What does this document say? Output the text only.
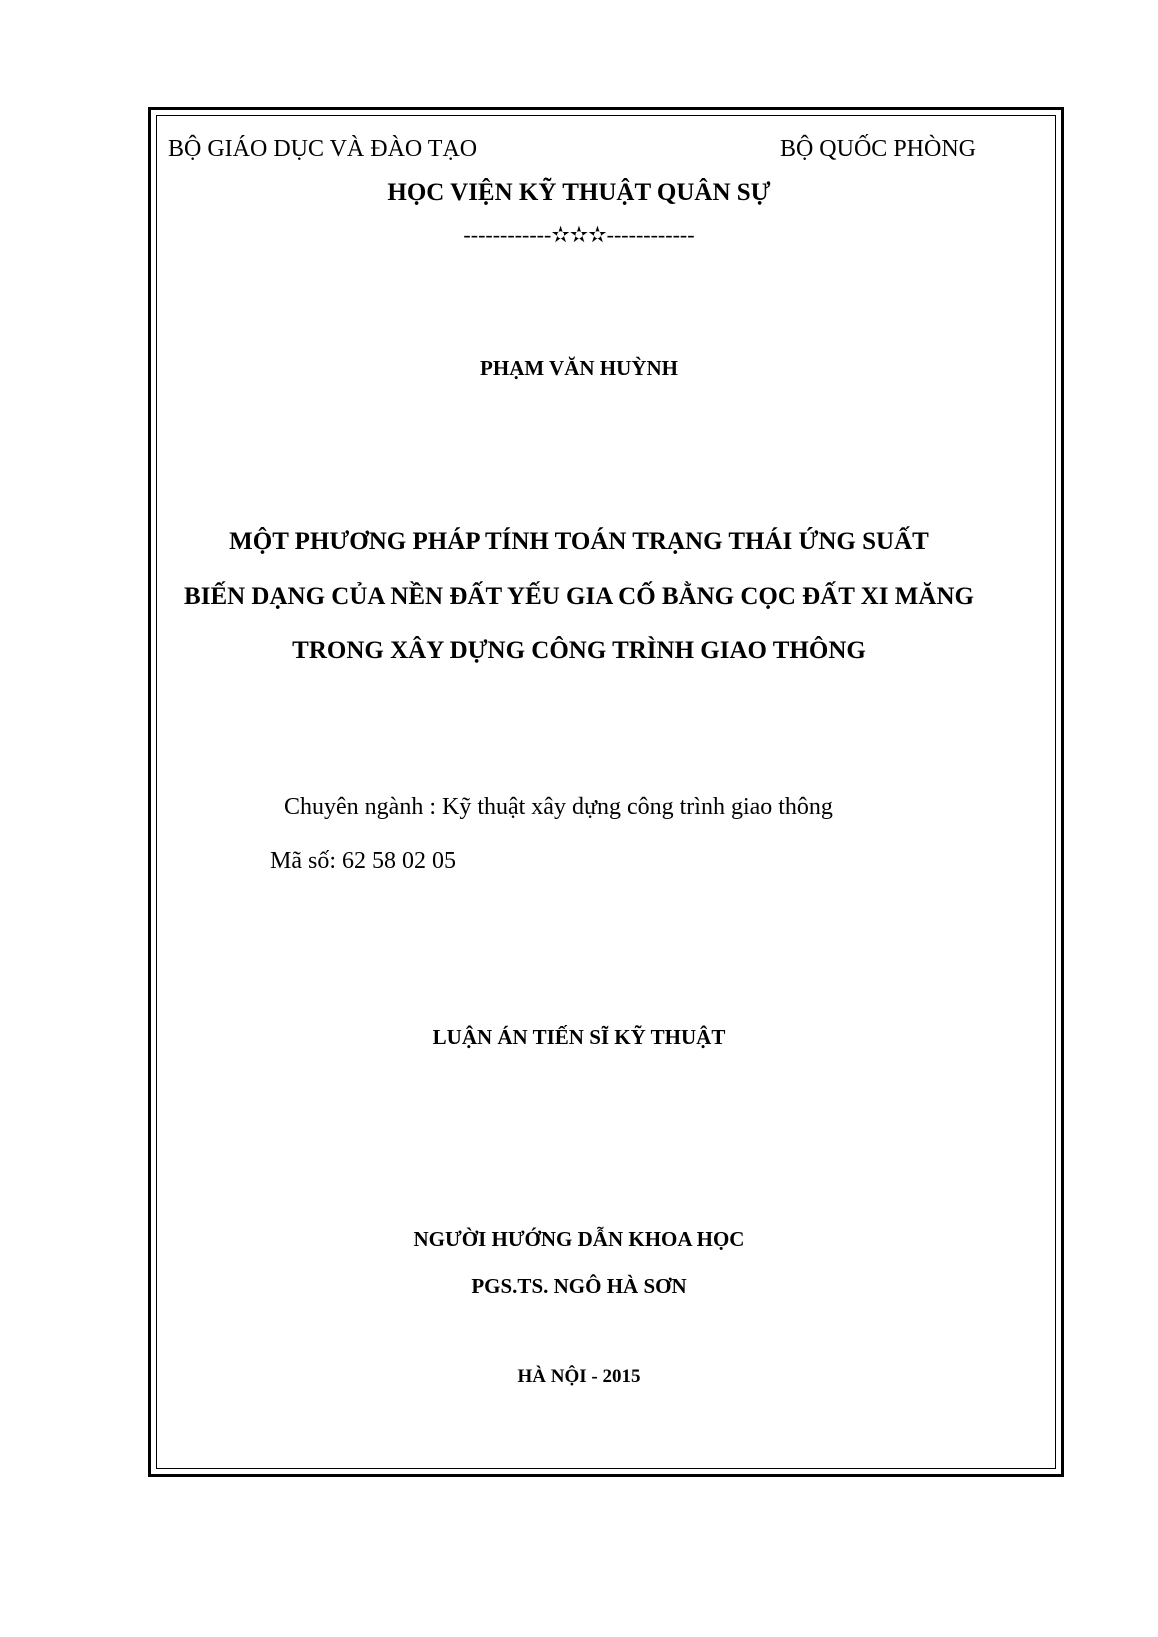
BỘ GIÁO DỤC VÀ ĐÀO TẠO	BỘ QUỐC PHÒNG
HỌC VIỆN KỸ THUẬT QUÂN SỰ
------------✫✫✫------------
PHẠM VĂN HUỲNH
MỘT PHƯƠNG PHÁP TÍNH TOÁN TRẠNG THÁI ỨNG SUẤT
BIẾN DẠNG CỦA NỀN ĐẤT YẾU GIA CỐ BẰNG CỌC ĐẤT XI MĂNG
TRONG XÂY DỰNG CÔNG TRÌNH GIAO THÔNG
Chuyên ngành : Kỹ thuật xây dựng công trình giao thông
Mã số: 62 58 02 05
LUẬN ÁN TIẾN SĨ KỸ THUẬT
NGƯỜI HƯỚNG DẪN KHOA HỌC
PGS.TS. NGÔ HÀ SƠN
HÀ NỘI - 2015
